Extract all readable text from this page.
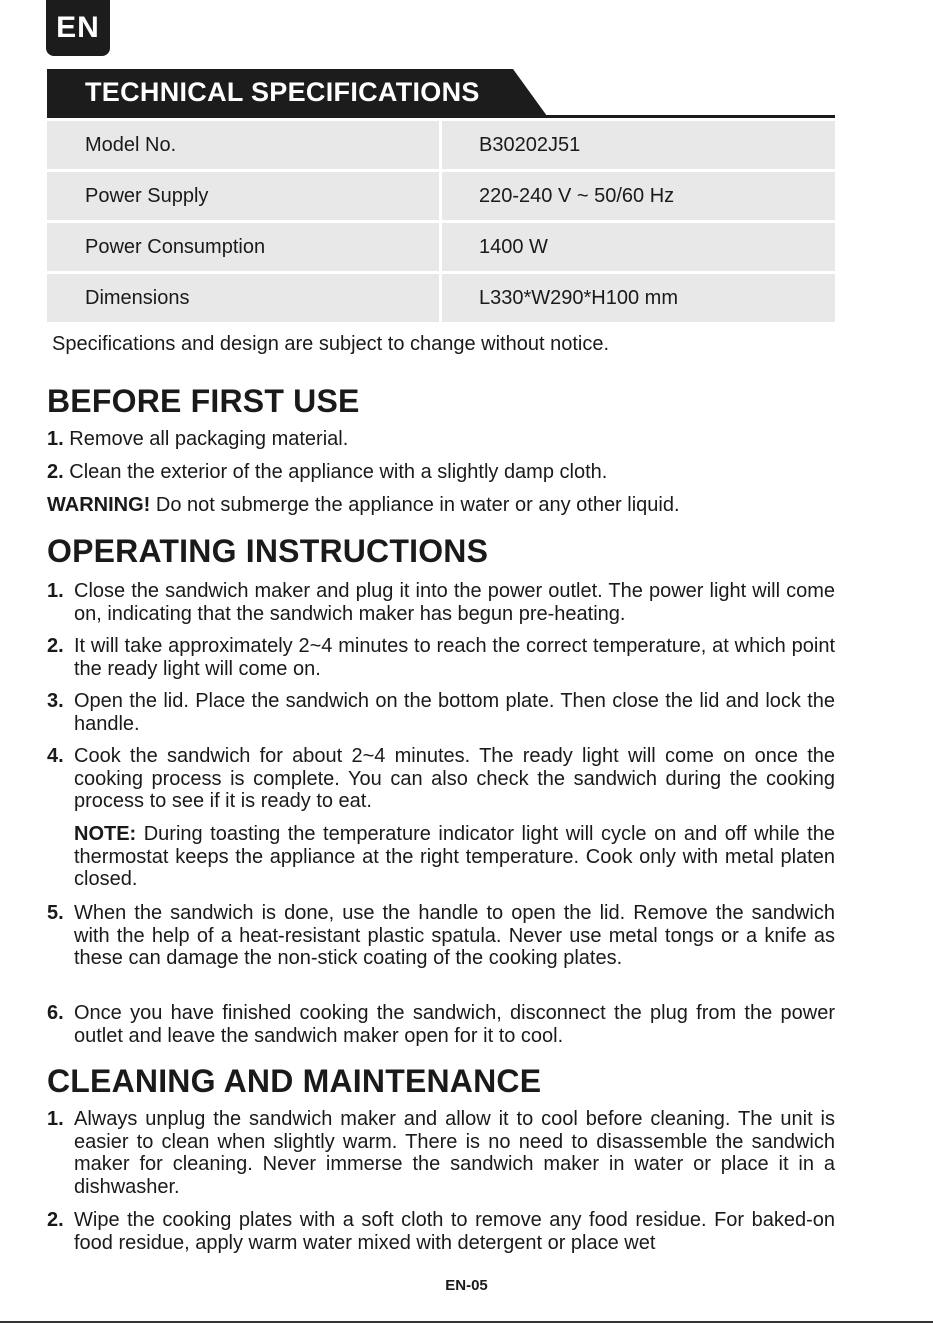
EN
TECHNICAL SPECIFICATIONS
Model No.	B30202J51
Power Supply	220-240 V ~ 50/60 Hz
Power Consumption	1400 W
Dimensions	L330*W290*H100 mm
Specifications and design are subject to change without notice.
BEFORE FIRST USE
1. Remove all packaging material.
2. Clean the exterior of the appliance with a slightly damp cloth.
WARNING! Do not submerge the appliance in water or any other liquid.
OPERATING INSTRUCTIONS
1. Close the sandwich maker and plug it into the power outlet. The power light will come on, indicating that the sandwich maker has begun pre-heating.
2. It will take approximately 2~4 minutes to reach the correct temperature, at which point the ready light will come on.
3. Open the lid. Place the sandwich on the bottom plate. Then close the lid and lock the handle.
4. Cook the sandwich for about 2~4 minutes. The ready light will come on once the cooking process is complete. You can also check the sandwich during the cooking process to see if it is ready to eat.
NOTE: During toasting the temperature indicator light will cycle on and off while the thermostat keeps the appliance at the right temperature. Cook only with metal platen closed.
5. When the sandwich is done, use the handle to open the lid. Remove the sandwich with the help of a heat-resistant plastic spatula. Never use metal tongs or a knife as these can damage the non-stick coating of the cooking plates.
6. Once you have finished cooking the sandwich, disconnect the plug from the power outlet and leave the sandwich maker open for it to cool.
CLEANING AND MAINTENANCE
1. Always unplug the sandwich maker and allow it to cool before cleaning. The unit is easier to clean when slightly warm. There is no need to disassemble the sandwich maker for cleaning. Never immerse the sandwich maker in water or place it in a dishwasher.
2. Wipe the cooking plates with a soft cloth to remove any food residue. For baked-on food residue, apply warm water mixed with detergent or place wet
EN-05
